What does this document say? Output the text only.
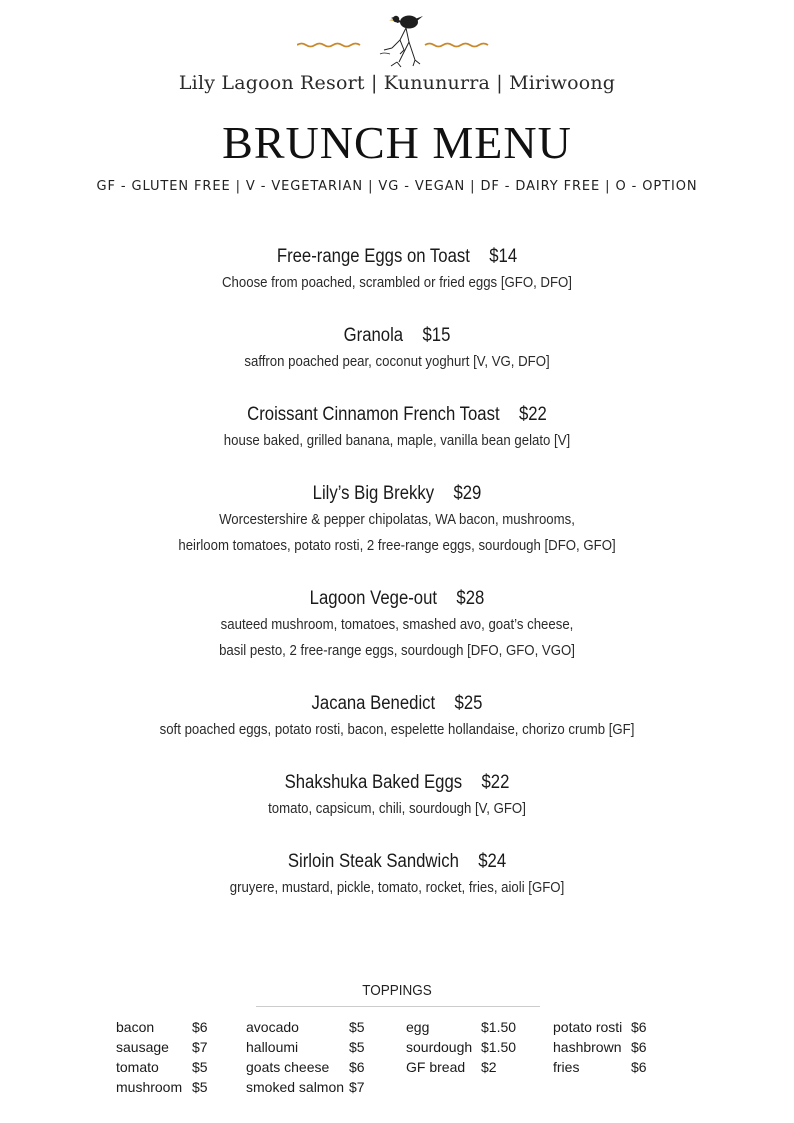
Lily Lagoon Resort | Kununurra | Miriwoong
BRUNCH MENU
GF - GLUTEN FREE | V - VEGETARIAN | VG - VEGAN | DF - DAIRY FREE | O - OPTION
Free-range Eggs on Toast $14
Choose from poached, scrambled or fried eggs [GFO, DFO]
Granola $15
saffron poached pear, coconut yoghurt [V, VG, DFO]
Croissant Cinnamon French Toast $22
house baked, grilled banana, maple, vanilla bean gelato [V]
Lily’s Big Brekky $29
Worcestershire & pepper chipolatas, WA bacon, mushrooms,
heirloom tomatoes, potato rosti, 2 free-range eggs, sourdough [DFO, GFO]
Lagoon Vege-out $28
sauteed mushroom, tomatoes, smashed avo, goat’s cheese,
basil pesto, 2 free-range eggs, sourdough [DFO, GFO, VGO]
Jacana Benedict $25
soft poached eggs, potato rosti, bacon, espelette hollandaise, chorizo crumb [GF]
Shakshuka Baked Eggs $22
tomato, capsicum, chili, sourdough [V, GFO]
Sirloin Steak Sandwich $24
gruyere, mustard, pickle, tomato, rocket, fries, aioli [GFO]
TOPPINGS
bacon	$6
sausage $7
tomato $5
mushroom $5
avocado	$5
halloumi	$5
goats cheese $6
smoked salmon $7
egg	$1.50
sourdough $1.50
GF bread $2
potato rosti $6
hashbrown $6
fries	$6
